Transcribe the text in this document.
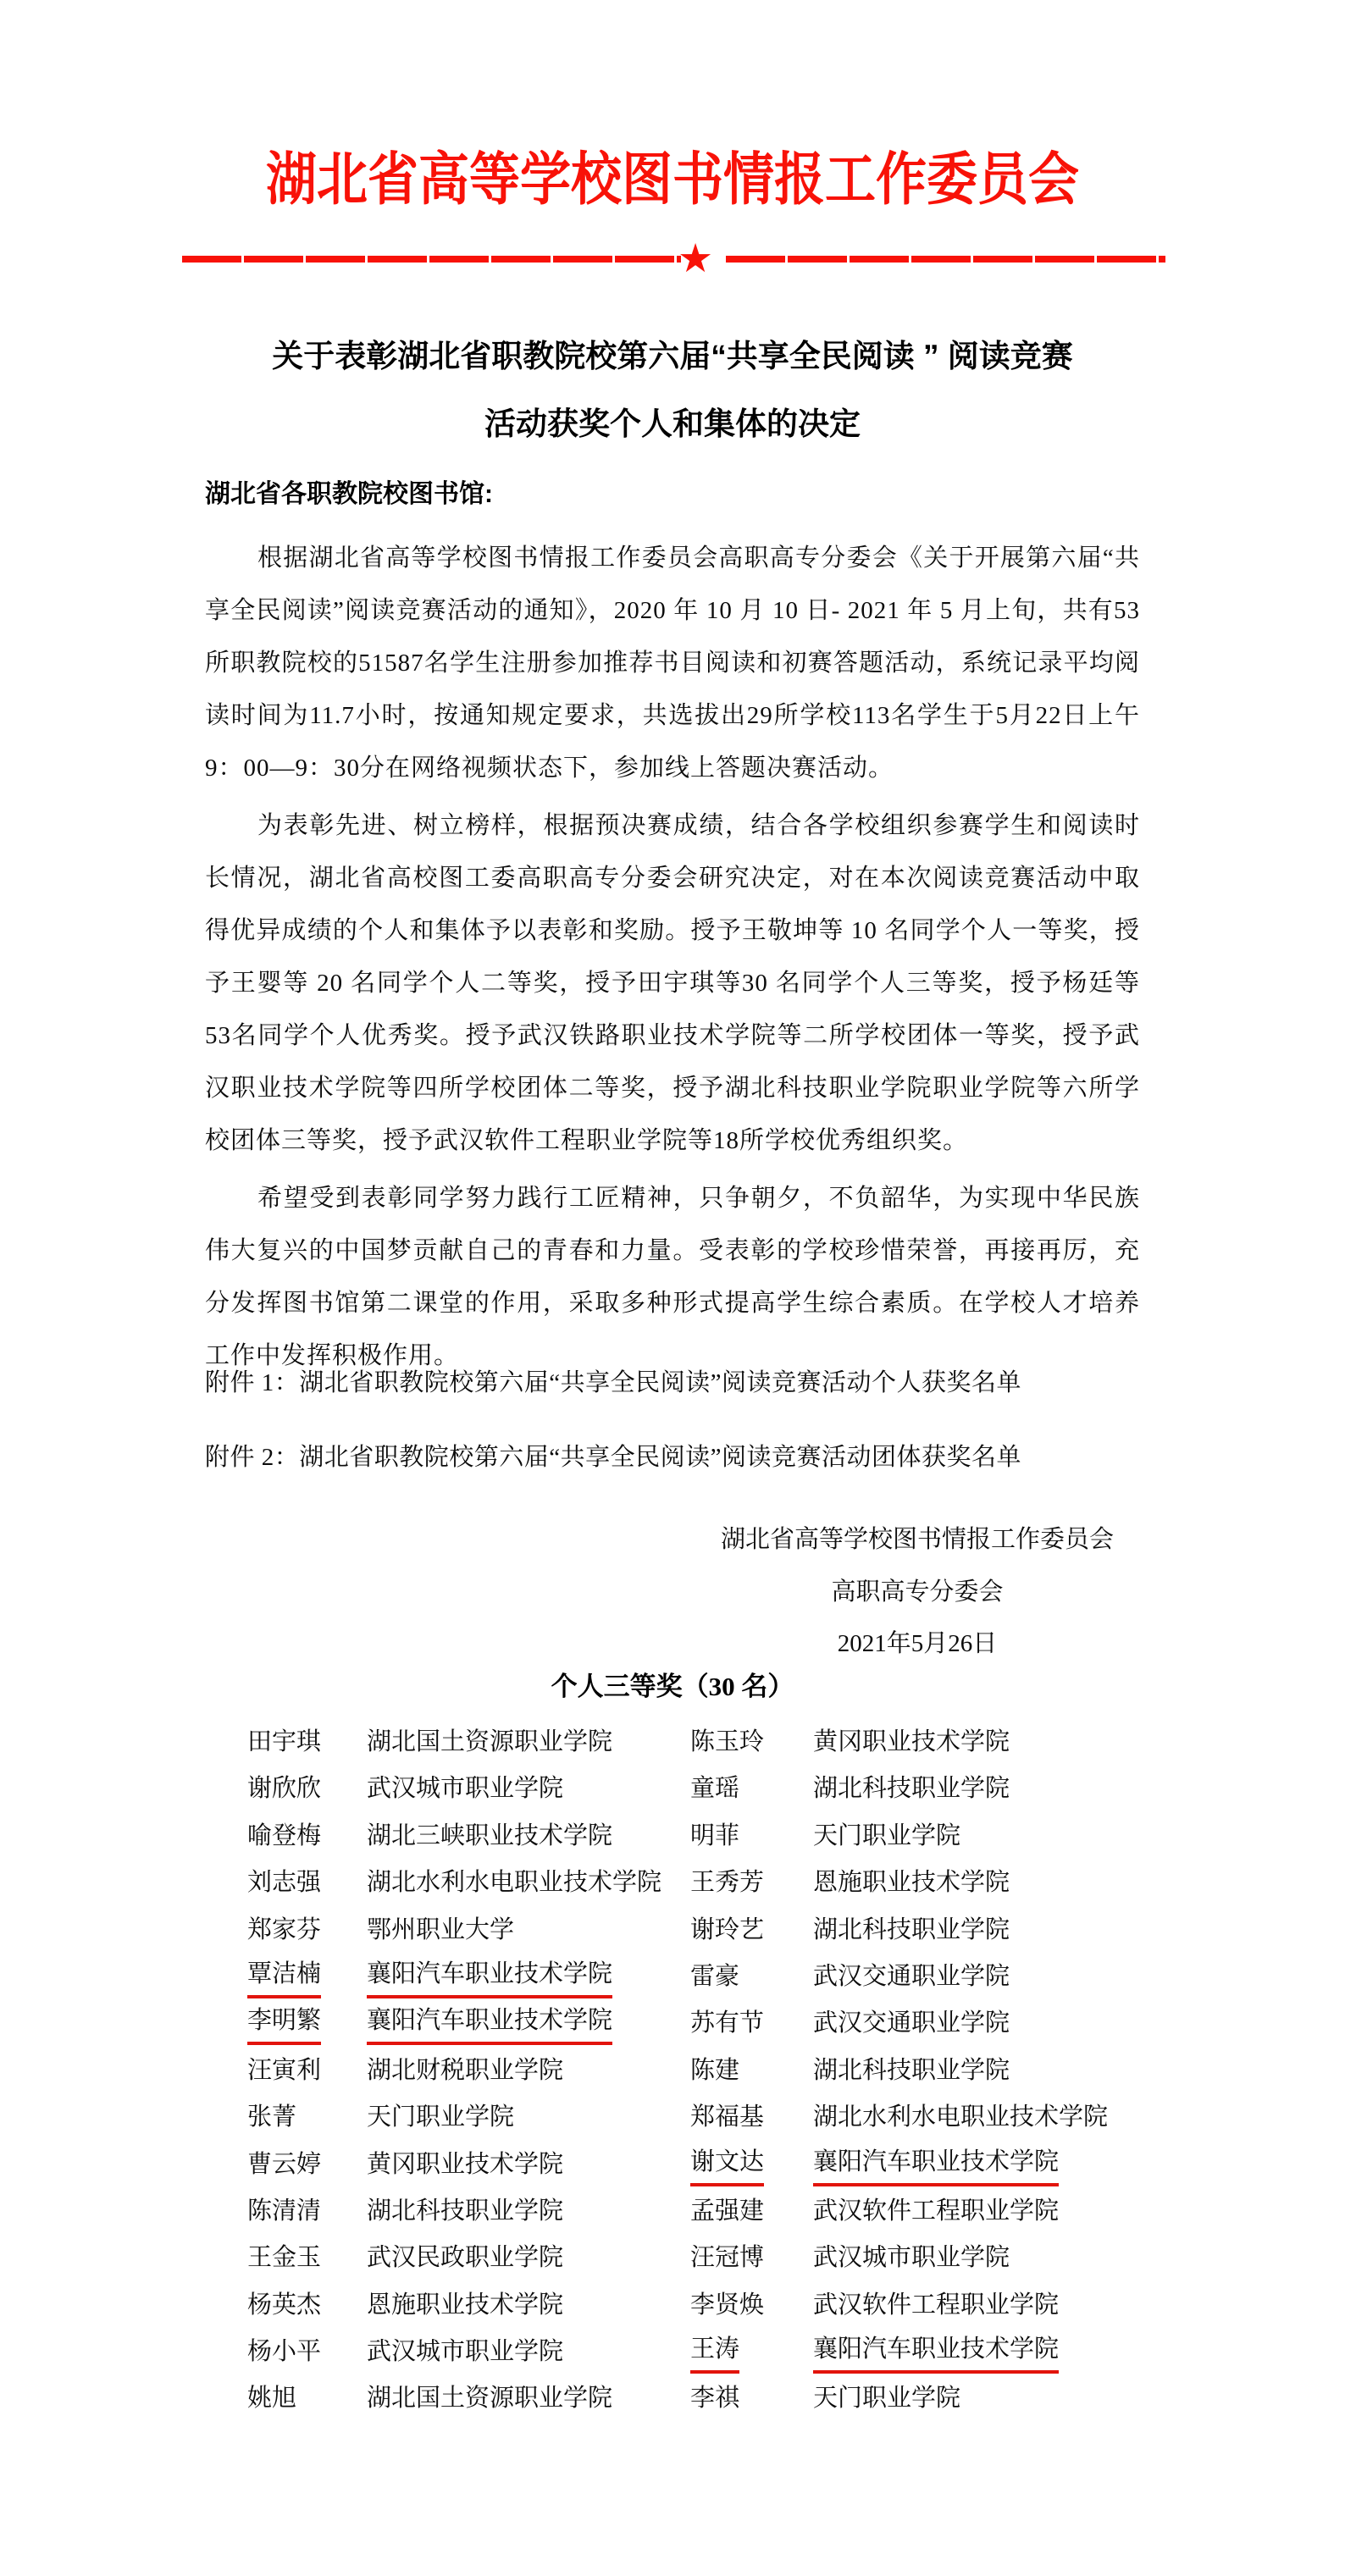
湖北省高等学校图书情报工作委员会
★
关于表彰湖北省职教院校第六届“共享全民阅读 ” 阅读竞赛
活动获奖个人和集体的决定
湖北省各职教院校图书馆:

根据湖北省高等学校图书情报工作委员会高职高专分委会《关于开展第六届“共享全民阅读”阅读竞赛活动的通知》，2020 年 10 月 10 日- 2021 年 5 月上旬，共有53所职教院校的51587名学生注册参加推荐书目阅读和初赛答题活动，系统记录平均阅读时间为11.7小时，按通知规定要求，共选拔出29所学校113名学生于5月22日上午9：00—9：30分在网络视频状态下，参加线上答题决赛活动。

为表彰先进、树立榜样，根据预决赛成绩，结合各学校组织参赛学生和阅读时长情况，湖北省高校图工委高职高专分委会研究决定，对在本次阅读竞赛活动中取得优异成绩的个人和集体予以表彰和奖励。授予王敬坤等 10 名同学个人一等奖，授予王婴等 20 名同学个人二等奖，授予田宇琪等30 名同学个人三等奖，授予杨廷等53名同学个人优秀奖。授予武汉铁路职业技术学院等二所学校团体一等奖，授予武汉职业技术学院等四所学校团体二等奖，授予湖北科技职业学院职业学院等六所学校团体三等奖，授予武汉软件工程职业学院等18所学校优秀组织奖。

希望受到表彰同学努力践行工匠精神，只争朝夕，不负韶华，为实现中华民族伟大复兴的中国梦贡献自己的青春和力量。受表彰的学校珍惜荣誉，再接再厉，充分发挥图书馆第二课堂的作用，采取多种形式提高学生综合素质。在学校人才培养工作中发挥积极作用。

附件 1：湖北省职教院校第六届“共享全民阅读”阅读竞赛活动个人获奖名单
附件 2：湖北省职教院校第六届“共享全民阅读”阅读竞赛活动团体获奖名单
湖北省高等学校图书情报工作委员会
高职高专分委会
2021年5月26日
个人三等奖（30 名）
田宇琪 湖北国土资源职业学院	陈玉玲 黄冈职业技术学院
谢欣欣 武汉城市职业学院	童瑶	湖北科技职业学院
喻登梅 湖北三峡职业技术学院	明菲	天门职业学院
刘志强 湖北水利水电职业技术学院 王秀芳 恩施职业技术学院
郑家芬 鄂州职业大学	谢玲艺 湖北科技职业学院
覃洁楠 襄阳汽车职业技术学院	雷豪	武汉交通职业学院
李明繁 襄阳汽车职业技术学院	苏有节 武汉交通职业学院
汪寅利 湖北财税职业学院	陈建	湖北科技职业学院
张菁	天门职业学院	郑福基 湖北水利水电职业技术学院
曹云婷 黄冈职业技术学院	谢文达 襄阳汽车职业技术学院
陈清清 湖北科技职业学院	孟强建 武汉软件工程职业学院
王金玉 武汉民政职业学院	汪冠博 武汉城市职业学院
杨英杰 恩施职业技术学院	李贤焕 武汉软件工程职业学院
杨小平 武汉城市职业学院	王涛	襄阳汽车职业技术学院
姚旭	湖北国土资源职业学院	李祺	天门职业学院
